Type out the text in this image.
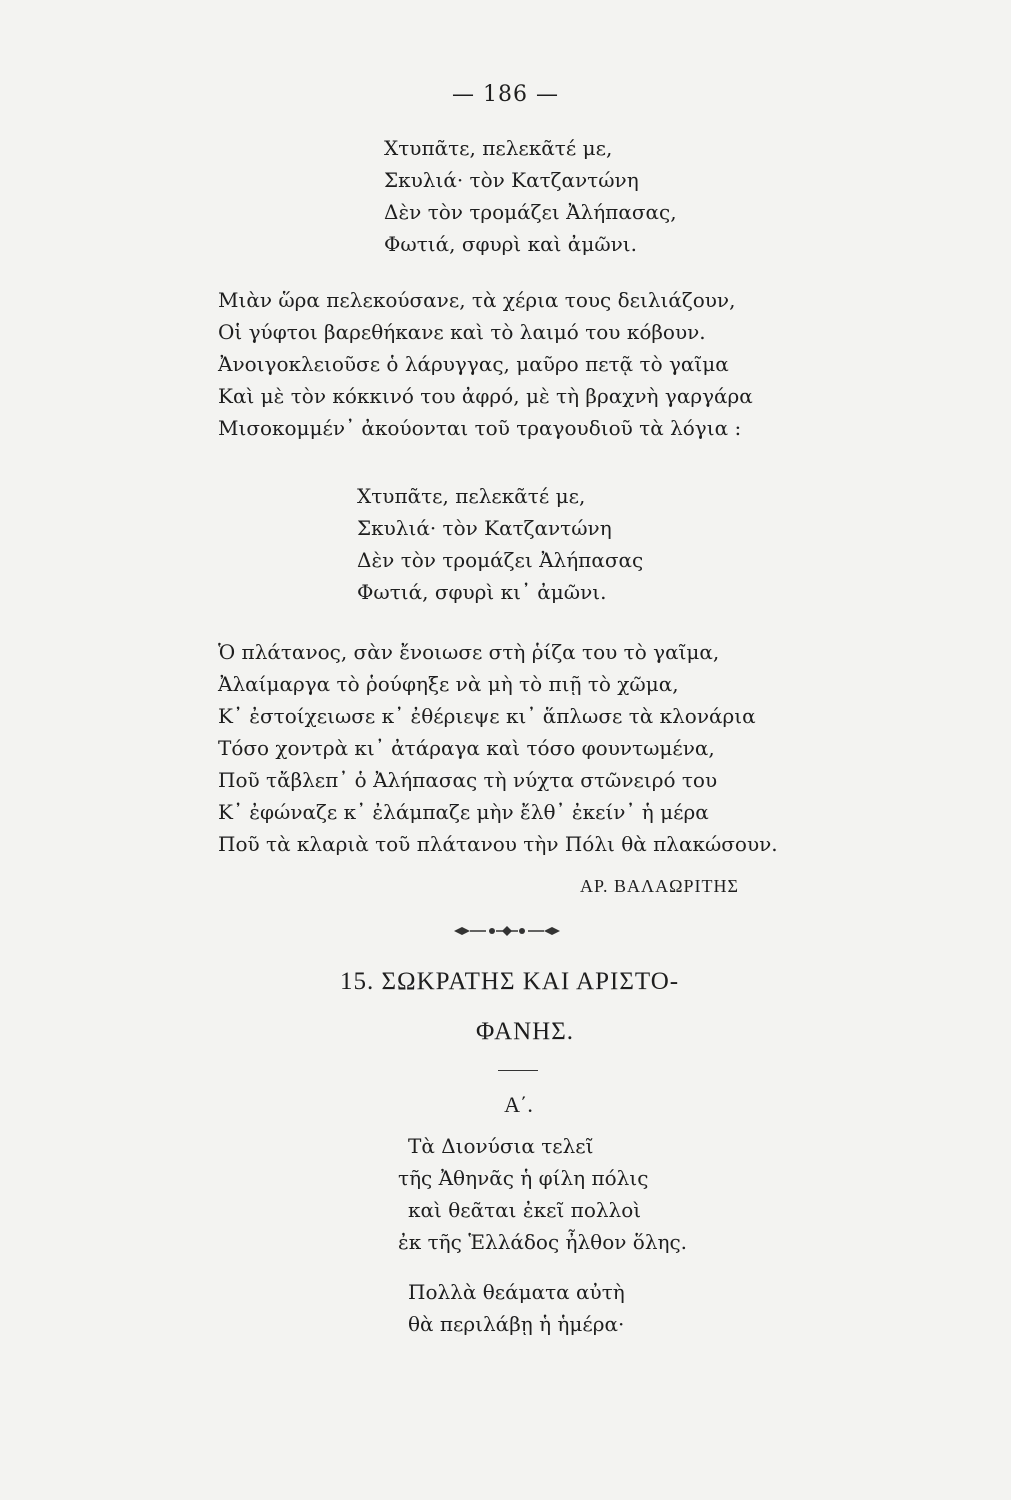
— 186 —
Χτυπᾶτε, πελεκᾶτέ με,
Σκυλιά· τὸν Κατζαντώνη
Δὲν τὸν τρομάζει Ἀλήπασας,
Φωτιά, σφυρὶ καὶ ἀμῶνι.
Μιὰν ὥρα πελεκούσανε, τὰ χέρια τους δειλιάζουν,
Οἱ γύφτοι βαρεθήκανε καὶ τὸ λαιμό του κόβουν.
Ἀνοιγοκλειοῦσε ὁ λάρυγγας, μαῦρο πετᾷ τὸ γαῖμα
Καὶ μὲ τὸν κόκκινό του ἀφρό, μὲ τὴ βραχνὴ γαργάρα
Μισοκομμέν᾿ ἀκούονται τοῦ τραγουδιοῦ τὰ λόγια :
Χτυπᾶτε, πελεκᾶτέ με,
Σκυλιά· τὸν Κατζαντώνη
Δὲν τὸν τρομάζει Ἀλήπασας
Φωτιά, σφυρὶ κι᾿ ἀμῶνι.
Ὁ πλάτανος, σὰν ἔνοιωσε στὴ ῥίζα του τὸ γαῖμα,
Ἀλαίμαργα τὸ ῥούφηξε νὰ μὴ τὸ πιῇ τὸ χῶμα,
Κ᾿ ἐστοίχειωσε κ᾿ ἐθέριεψε κι᾿ ἅπλωσε τὰ κλονάρια
Τόσο χοντρὰ κι᾿ ἀτάραγα καὶ τόσο φουντωμένα,
Ποῦ τἄβλεπ᾿ ὁ Ἀλήπασας τὴ νύχτα στῶνειρό του
Κ᾿ ἐφώναζε κ᾿ ἐλάμπαζε μὴν ἔλθ᾿ ἐκείν᾿ ἡ μέρα
Ποῦ τὰ κλαριὰ τοῦ πλάτανου τὴν Πόλι θὰ πλακώσουν.
ΑΡ. ΒΑΛΑΩΡΙΤΗΣ
15. ΣΩΚΡΑΤΗΣ ΚΑΙ ΑΡΙΣΤΟ-
ΦΑΝΗΣ.
Α΄.
Τὰ Διονύσια τελεῖ
τῆς Ἀθηνᾶς ἡ φίλη πόλις
καὶ θεᾶται ἐκεῖ πολλοὶ
ἐκ τῆς Ἑλλάδος ἦλθον ὅλης.
Πολλὰ θεάματα αὐτὴ
θὰ περιλάβῃ ἡ ἡμέρα·
